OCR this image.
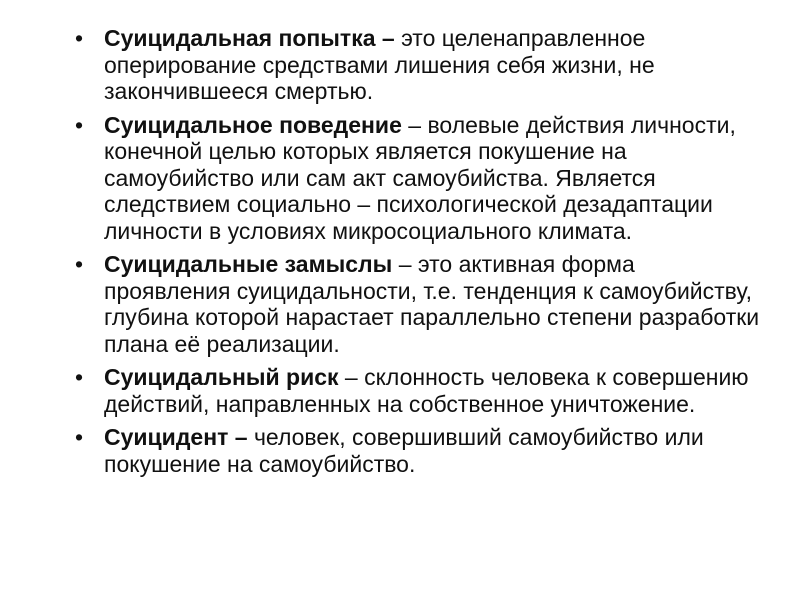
• Суицидальная попытка – это целенаправленное оперирование средствами лишения себя жизни, не закончившееся смертью.
• Суицидальное поведение – волевые действия личности, конечной целью которых является покушение на самоубийство или сам акт самоубийства. Является следствием социально – психологической дезадаптации личности в условиях микросоциального климата.
• Суицидальные замыслы – это активная форма проявления суицидальности, т.е. тенденция к самоубийству, глубина которой нарастает параллельно степени разработки плана её реализации.
• Суицидальный риск – склонность человека к совершению действий, направленных на собственное уничтожение.
• Суицидент – человек, совершивший самоубийство или покушение на самоубийство.
